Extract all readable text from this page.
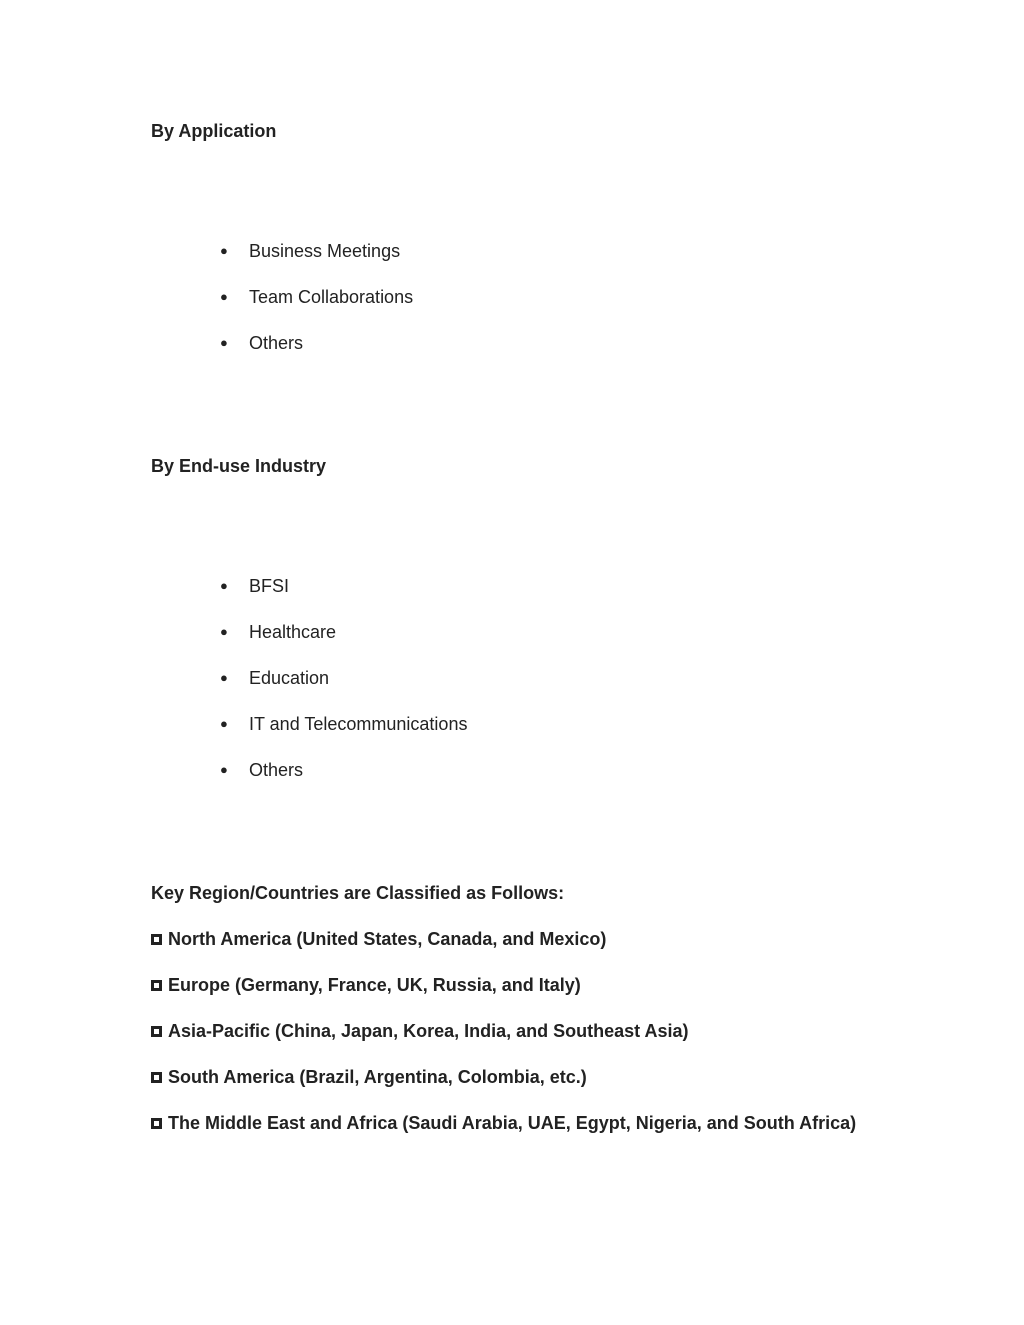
By Application
●	Business Meetings
●	Team Collaborations
●	Others
By End-use Industry
●	BFSI
●	Healthcare
●	Education
●	IT and Telecommunications
●	Others
Key Region/Countries are Classified as Follows:
North America (United States, Canada, and Mexico)
Europe (Germany, France, UK, Russia, and Italy)
Asia-Pacific (China, Japan, Korea, India, and Southeast Asia)
South America (Brazil, Argentina, Colombia, etc.)
The Middle East and Africa (Saudi Arabia, UAE, Egypt, Nigeria, and South Africa)
